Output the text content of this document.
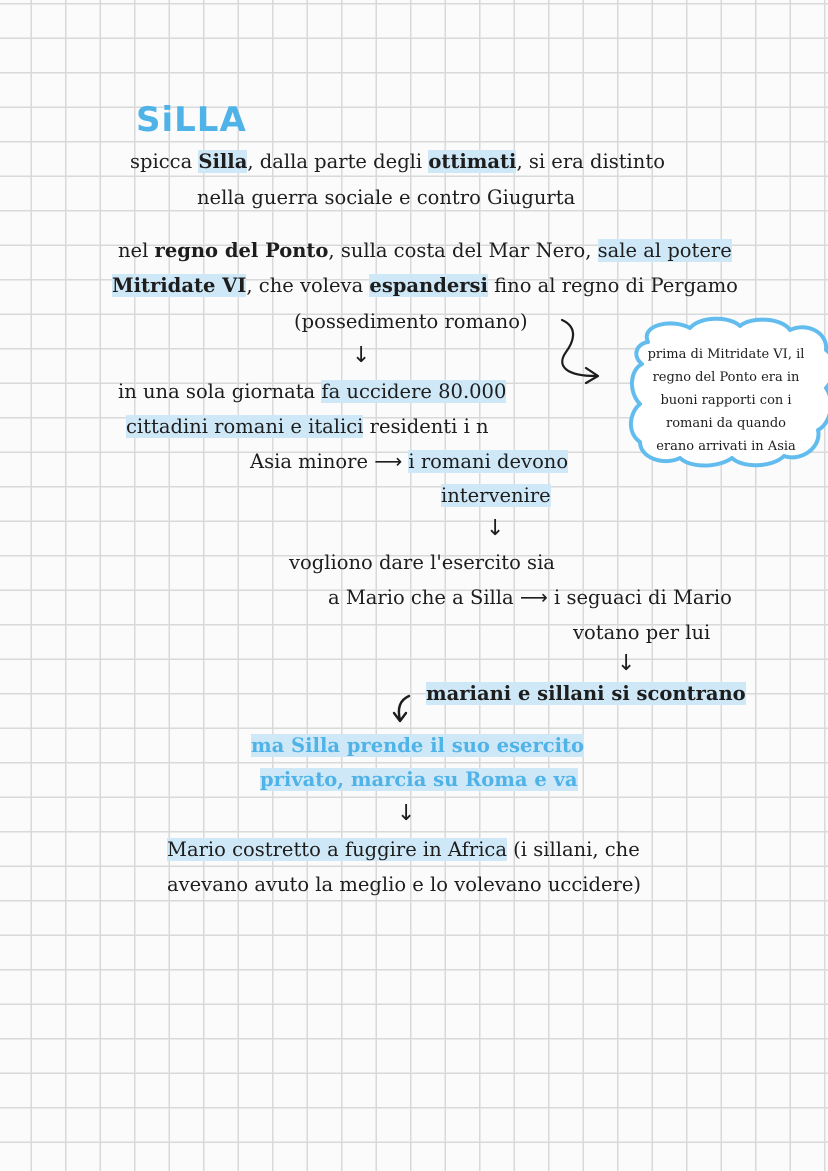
SiLLA
spicca Silla, dalla parte degli ottimati, si era distinto
nella guerra sociale e contro Giugurta
nel regno del Ponto, sulla costa del Mar Nero, sale al potere
Mitridate VI, che voleva espandersi fino al regno di Pergamo
(possedimento romano)
↓
in una sola giornata fa uccidere 80.000
cittadini romani e italici residenti i n
Asia minore ⟶ i romani devono
intervenire
↓
vogliono dare l'esercito sia
a Mario che a Silla ⟶ i seguaci di Mario
votano per lui
↓
mariani e sillani si scontrano
ma Silla prende il suo esercito
privato, marcia su Roma e va
↓
Mario costretto a fuggire in Africa (i sillani, che
avevano avuto la meglio e lo volevano uccidere)
prima di Mitridate VI, il
regno del Ponto era in
buoni rapporti con i
romani da quando
erano arrivati in Asia
